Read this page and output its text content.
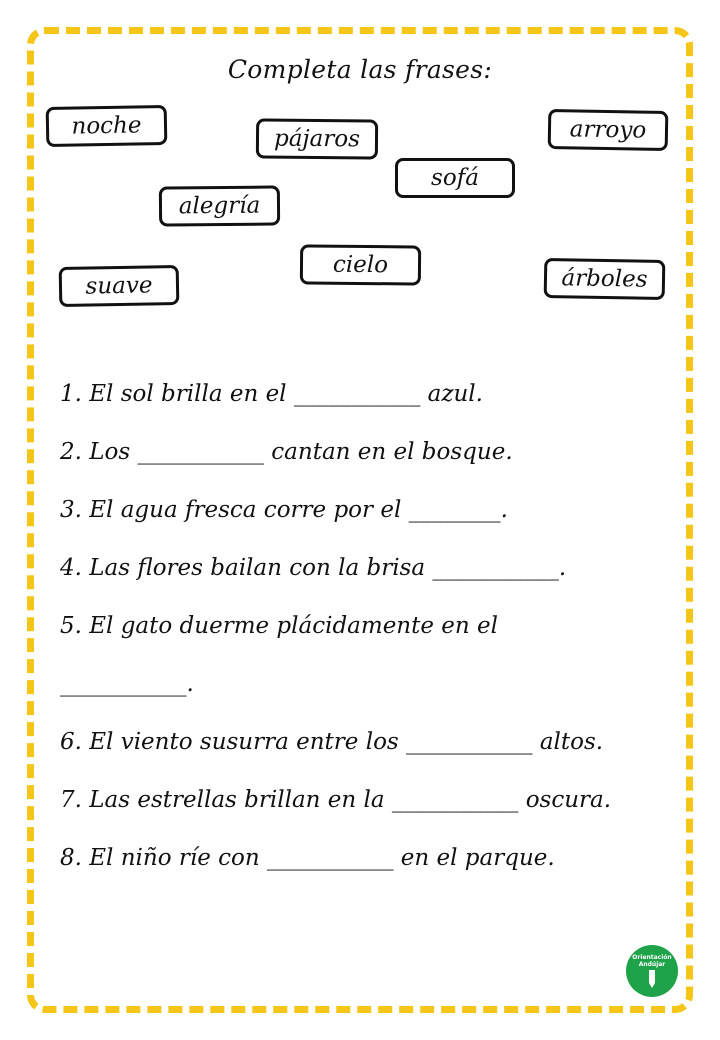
Completa las frases:
noche	pájaros	arroyo
sofá
alegría
cielo
suave	árboles
1. El sol brilla en el ___________ azul.
2. Los ___________ cantan en el bosque.
3. El agua fresca corre por el ________.
4. Las flores bailan con la brisa ___________.
5. El gato duerme plácidamente en el
___________.
6. El viento susurra entre los ___________ altos.
7. Las estrellas brillan en la ___________ oscura.
8. El niño ríe con ___________ en el parque.
Orientación
Andújar
